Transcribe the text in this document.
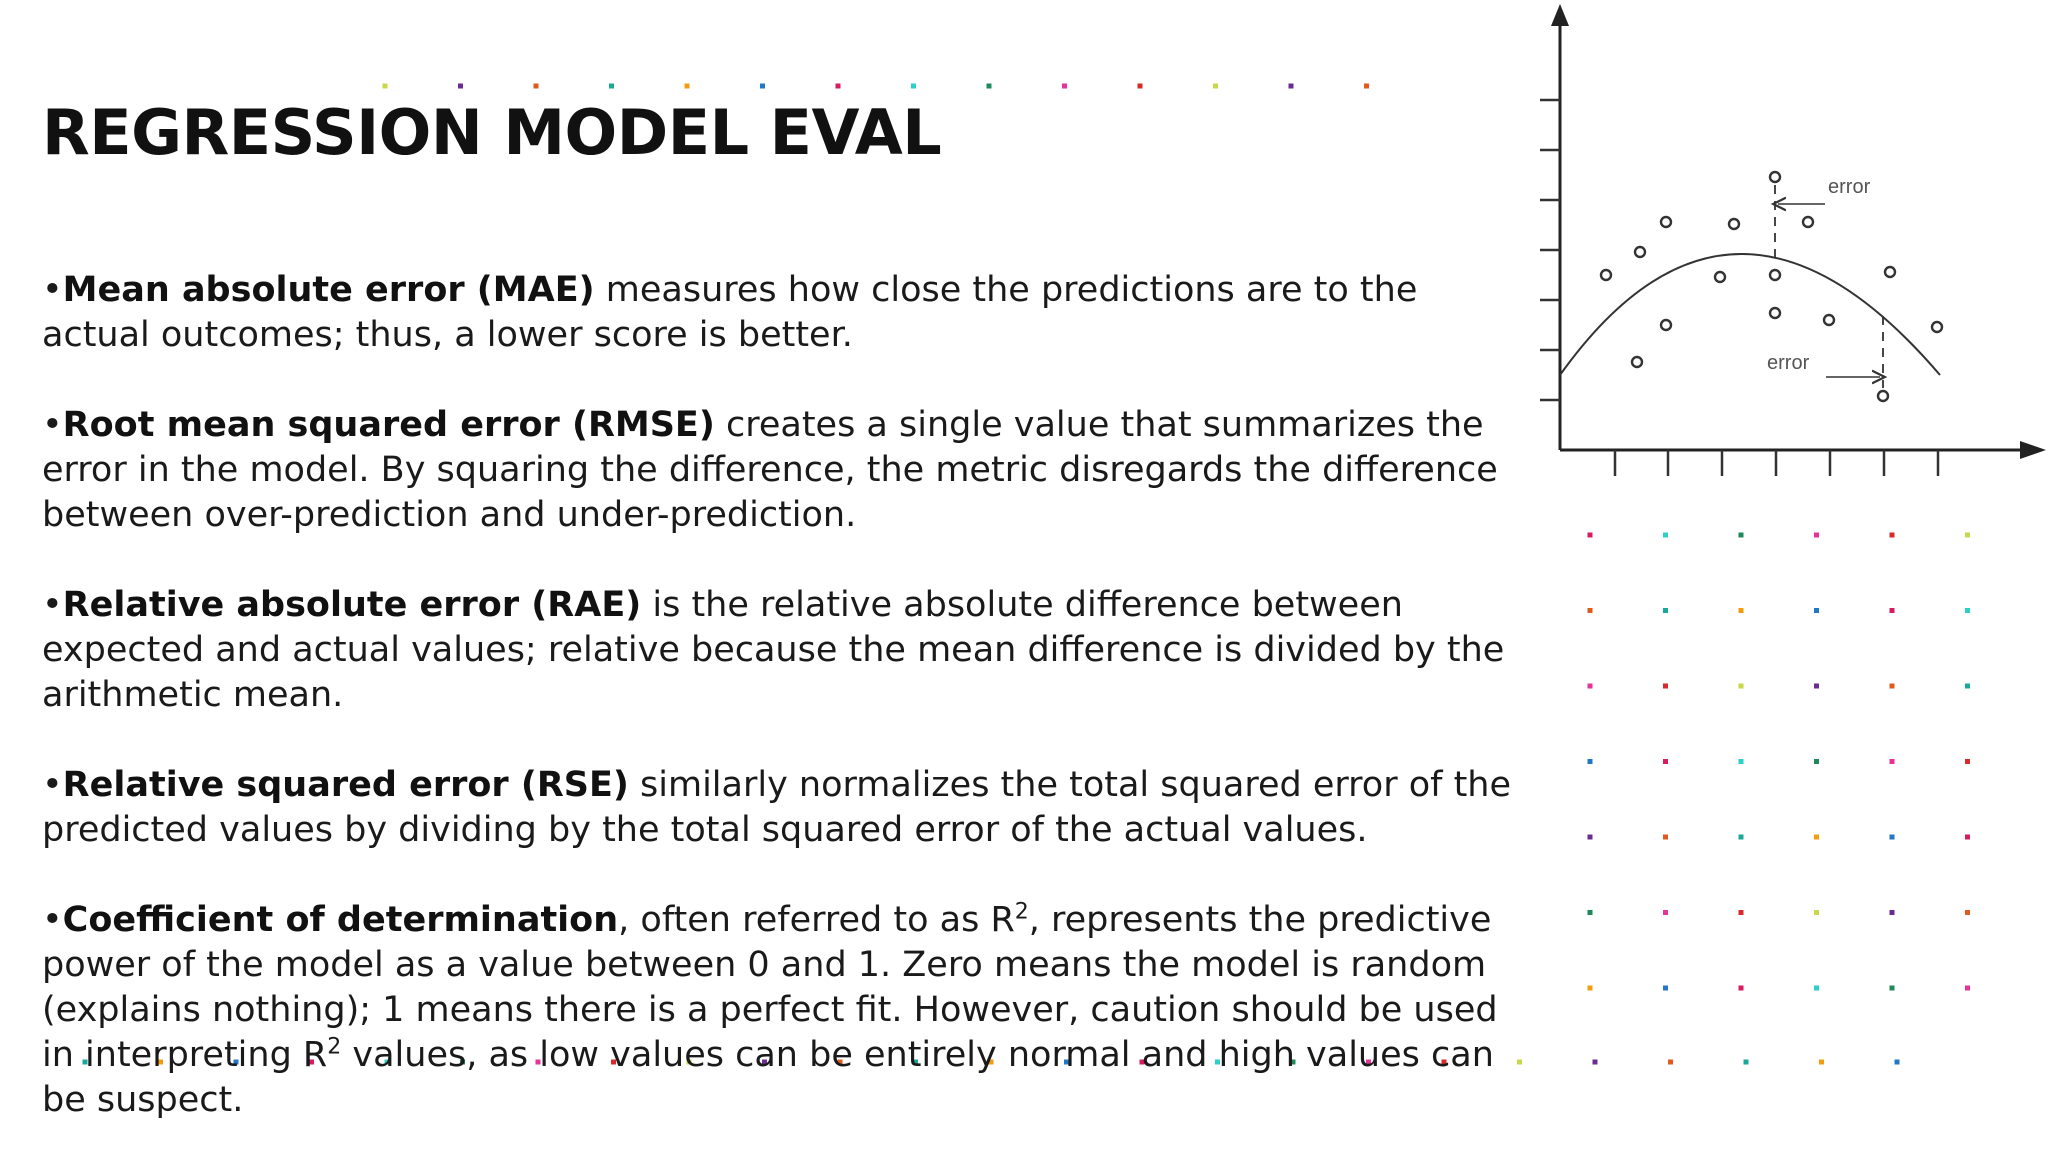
REGRESSION MODEL EVAL
•Mean absolute error (MAE) measures how close the predictions are to the actual outcomes; thus, a lower score is better.
•Root mean squared error (RMSE) creates a single value that summarizes the error in the model. By squaring the difference, the metric disregards the difference between over-prediction and under-prediction.
•Relative absolute error (RAE) is the relative absolute difference between expected and actual values; relative because the mean difference is divided by the arithmetic mean.
•Relative squared error (RSE) similarly normalizes the total squared error of the predicted values by dividing by the total squared error of the actual values.
•Coefficient of determination, often referred to as $R^2$, represents the predictive power of the model as a value between 0 and 1. Zero means the model is random (explains nothing); 1 means there is a perfect fit. However, caution should be used in interpreting $R^2$ values, as low values can be entirely normal and high values can be suspect.
error
error
